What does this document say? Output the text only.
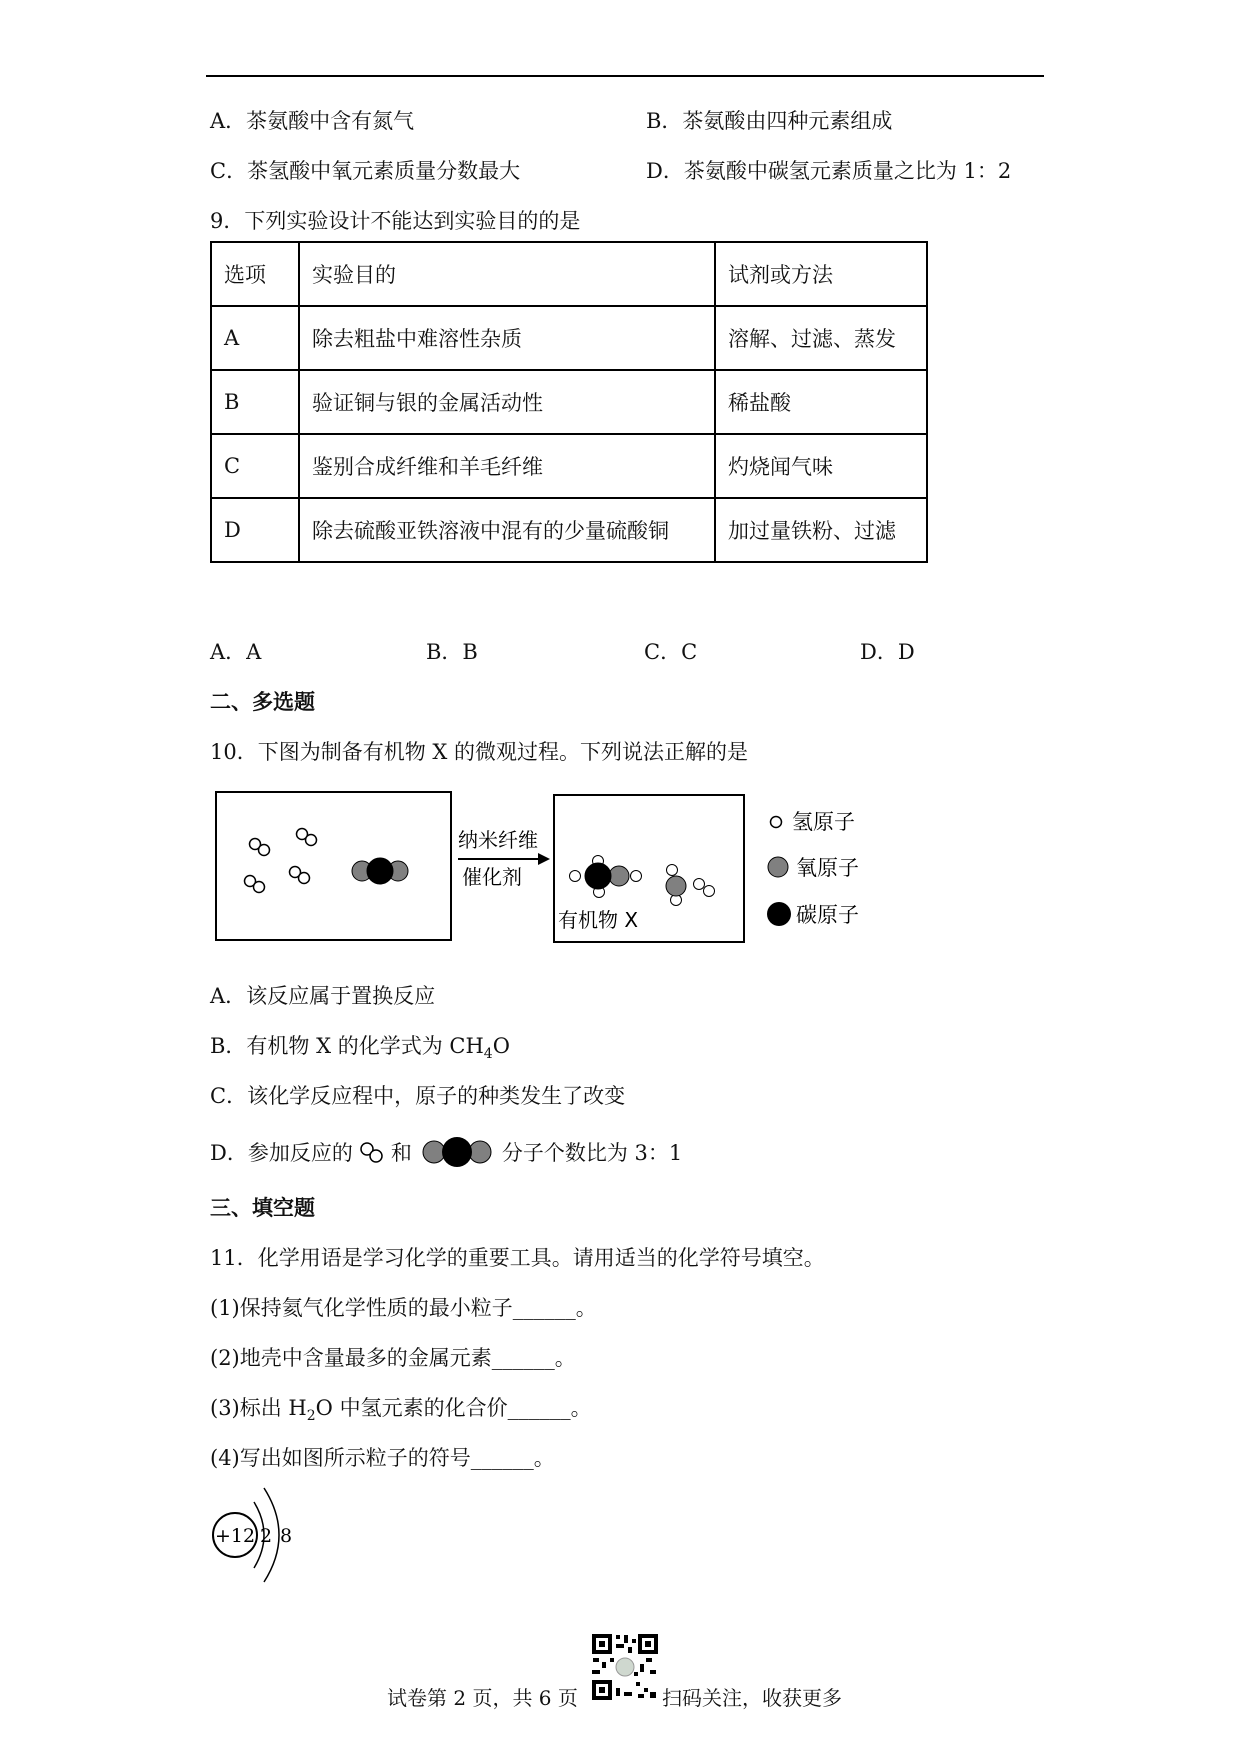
A．茶氨酸中含有氮气	B．茶氨酸由四种元素组成
C．茶氢酸中氧元素质量分数最大	D．茶氨酸中碳氢元素质量之比为 1：2
9．下列实验设计不能达到实验目的的是
选项	实验目的	试剂或方法
A	除去粗盐中难溶性杂质	溶解、过滤、蒸发
B	验证铜与银的金属活动性	稀盐酸
C	鉴别合成纤维和羊毛纤维	灼烧闻气味
D	除去硫酸亚铁溶液中混有的少量硫酸铜	加过量铁粉、过滤
A．A	B．B	C．C	D．D
二、多选题
10．下图为制备有机物 X 的微观过程。下列说法正解的是
纳米纤维
催化剂
有机物 X
氢原子
氧原子
碳原子
A．该反应属于置换反应
B．有机物 X 的化学式为 $CH_4O$
C．该化学反应程中，原子的种类发生了改变
D．参加反应的 和	分子个数比为 3：1
三、填空题
11．化学用语是学习化学的重要工具。请用适当的化学符号填空。
(1)保持氦气化学性质的最小粒子______。
(2)地壳中含量最多的金属元素______。
(3)标出 $H_2O$ 中氢元素的化合价______。
(4)写出如图所示粒子的符号______。
+12 2 8
试卷第 2 页，共 6 页	扫码关注，收获更多
